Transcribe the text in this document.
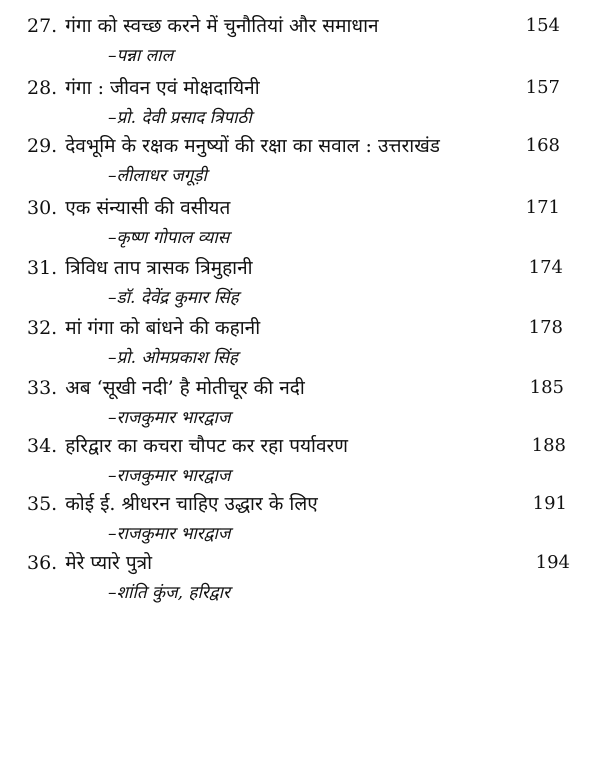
27. गंगा को स्वच्छ करने में चुनौतियां और समाधान	154
–पन्ना लाल
28. गंगा : जीवन एवं मोक्षदायिनी	157
–प्रो. देवी प्रसाद त्रिपाठी
29. देवभूमि के रक्षक मनुष्यों की रक्षा का सवाल : उत्तराखंड	168
–लीलाधर जगूड़ी
30. एक संन्यासी की वसीयत	171
–कृष्ण गोपाल व्यास
31. त्रिविध ताप त्रासक त्रिमुहानी	174
–डॉ. देवेंद्र कुमार सिंह
32. मां गंगा को बांधने की कहानी	178
–प्रो. ओमप्रकाश सिंह
33. अब ‘सूखी नदी’ है मोतीचूर की नदी	185
–राजकुमार भारद्वाज
34. हरिद्वार का कचरा चौपट कर रहा पर्यावरण	188
–राजकुमार भारद्वाज
35. कोई ई. श्रीधरन चाहिए उद्धार के लिए	191
–राजकुमार भारद्वाज
36. मेरे प्यारे पुत्रो	194
–शांति कुंज, हरिद्वार
